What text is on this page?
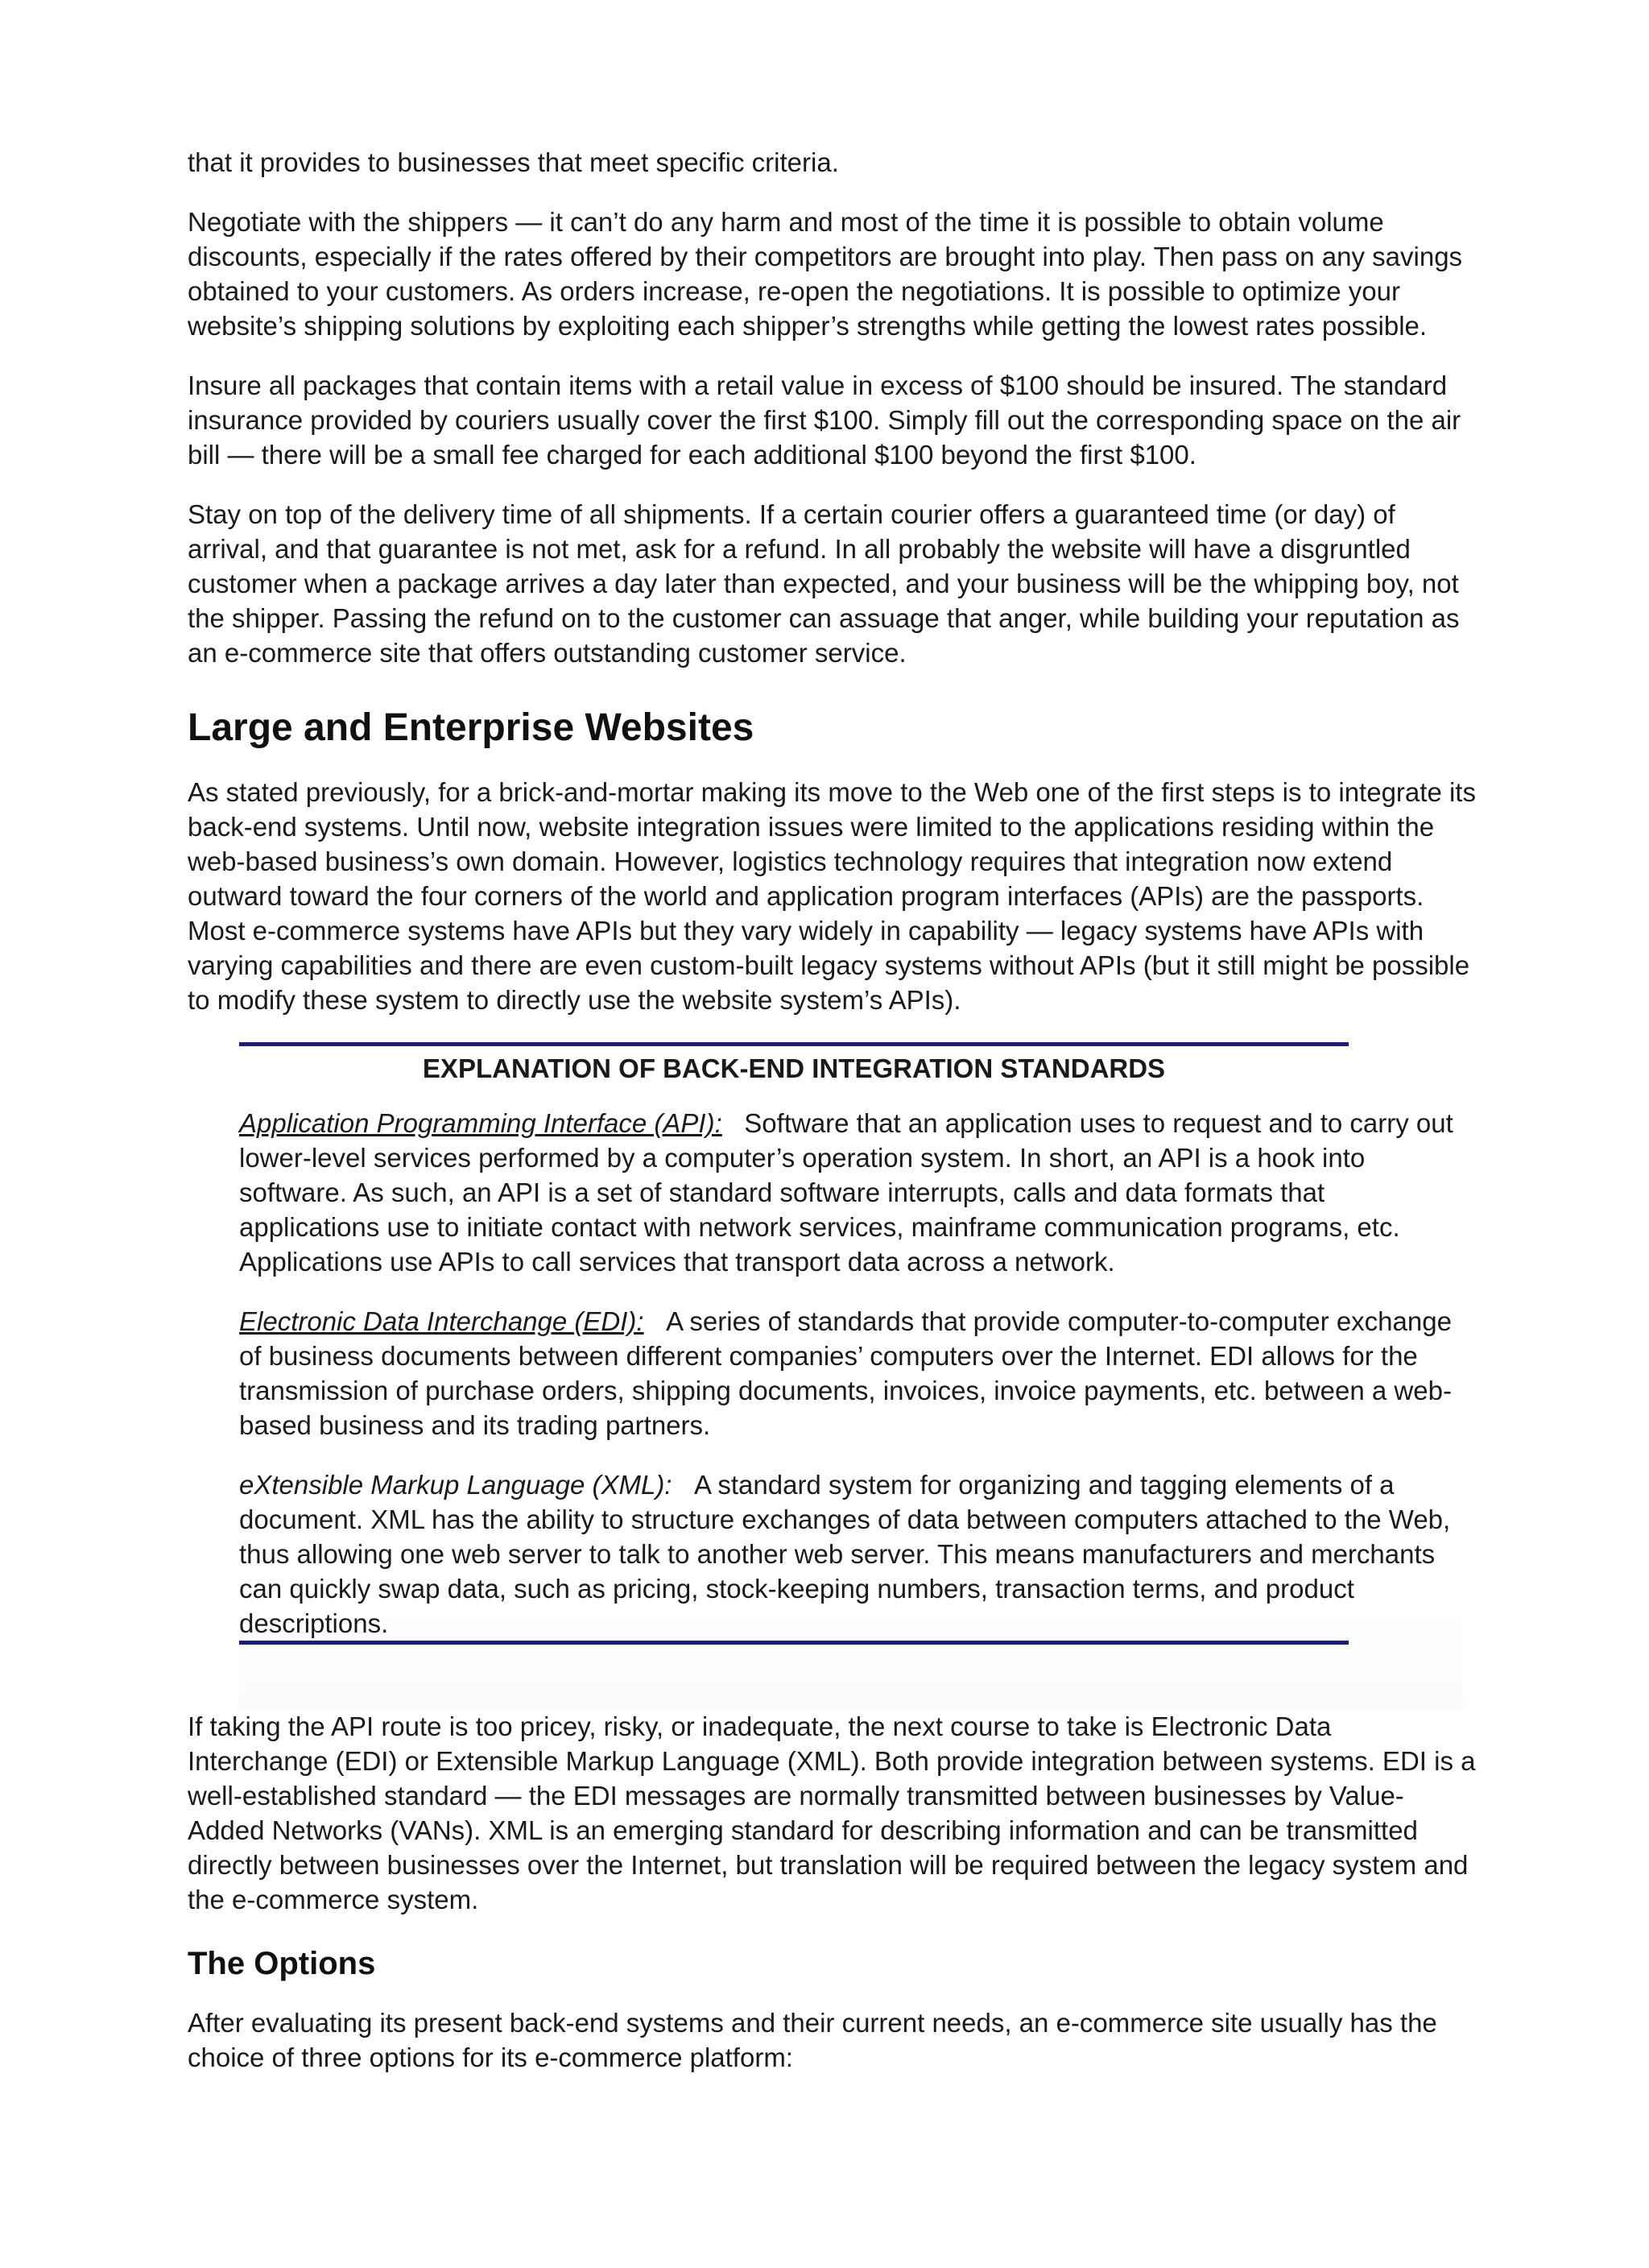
that it provides to businesses that meet specific criteria.

Negotiate with the shippers — it can’t do any harm and most of the time it is possible to obtain volume discounts, especially if the rates offered by their competitors are brought into play. Then pass on any savings obtained to your customers. As orders increase, re-open the negotiations. It is possible to optimize your website’s shipping solutions by exploiting each shipper’s strengths while getting the lowest rates possible.

Insure all packages that contain items with a retail value in excess of $100 should be insured. The standard insurance provided by couriers usually cover the first $100. Simply fill out the corresponding space on the air bill — there will be a small fee charged for each additional $100 beyond the first $100.

Stay on top of the delivery time of all shipments. If a certain courier offers a guaranteed time (or day) of arrival, and that guarantee is not met, ask for a refund. In all probably the website will have a disgruntled customer when a package arrives a day later than expected, and your business will be the whipping boy, not the shipper. Passing the refund on to the customer can assuage that anger, while building your reputation as an e-commerce site that offers outstanding customer service.

Large and Enterprise Websites

As stated previously, for a brick-and-mortar making its move to the Web one of the first steps is to integrate its back-end systems. Until now, website integration issues were limited to the applications residing within the web-based business’s own domain. However, logistics technology requires that integration now extend outward toward the four corners of the world and application program interfaces (APIs) are the passports. Most e-commerce systems have APIs but they vary widely in capability — legacy systems have APIs with varying capabilities and there are even custom-built legacy systems without APIs (but it still might be possible to modify these system to directly use the website system’s APIs).

EXPLANATION OF BACK-END INTEGRATION STANDARDS

Application Programming Interface (API): Software that an application uses to request and to carry out lower-level services performed by a computer’s operation system. In short, an API is a hook into software. As such, an API is a set of standard software interrupts, calls and data formats that applications use to initiate contact with network services, mainframe communication programs, etc. Applications use APIs to call services that transport data across a network.

Electronic Data Interchange (EDI): A series of standards that provide computer-to-computer exchange of business documents between different companies’ computers over the Internet. EDI allows for the transmission of purchase orders, shipping documents, invoices, invoice payments, etc. between a web-based business and its trading partners.

eXtensible Markup Language (XML): A standard system for organizing and tagging elements of a document. XML has the ability to structure exchanges of data between computers attached to the Web, thus allowing one web server to talk to another web server. This means manufacturers and merchants can quickly swap data, such as pricing, stock-keeping numbers, transaction terms, and product descriptions.

If taking the API route is too pricey, risky, or inadequate, the next course to take is Electronic Data Interchange (EDI) or Extensible Markup Language (XML). Both provide integration between systems. EDI is a well-established standard — the EDI messages are normally transmitted between businesses by Value-Added Networks (VANs). XML is an emerging standard for describing information and can be transmitted directly between businesses over the Internet, but translation will be required between the legacy system and the e-commerce system.

The Options

After evaluating its present back-end systems and their current needs, an e-commerce site usually has the choice of three options for its e-commerce platform:
